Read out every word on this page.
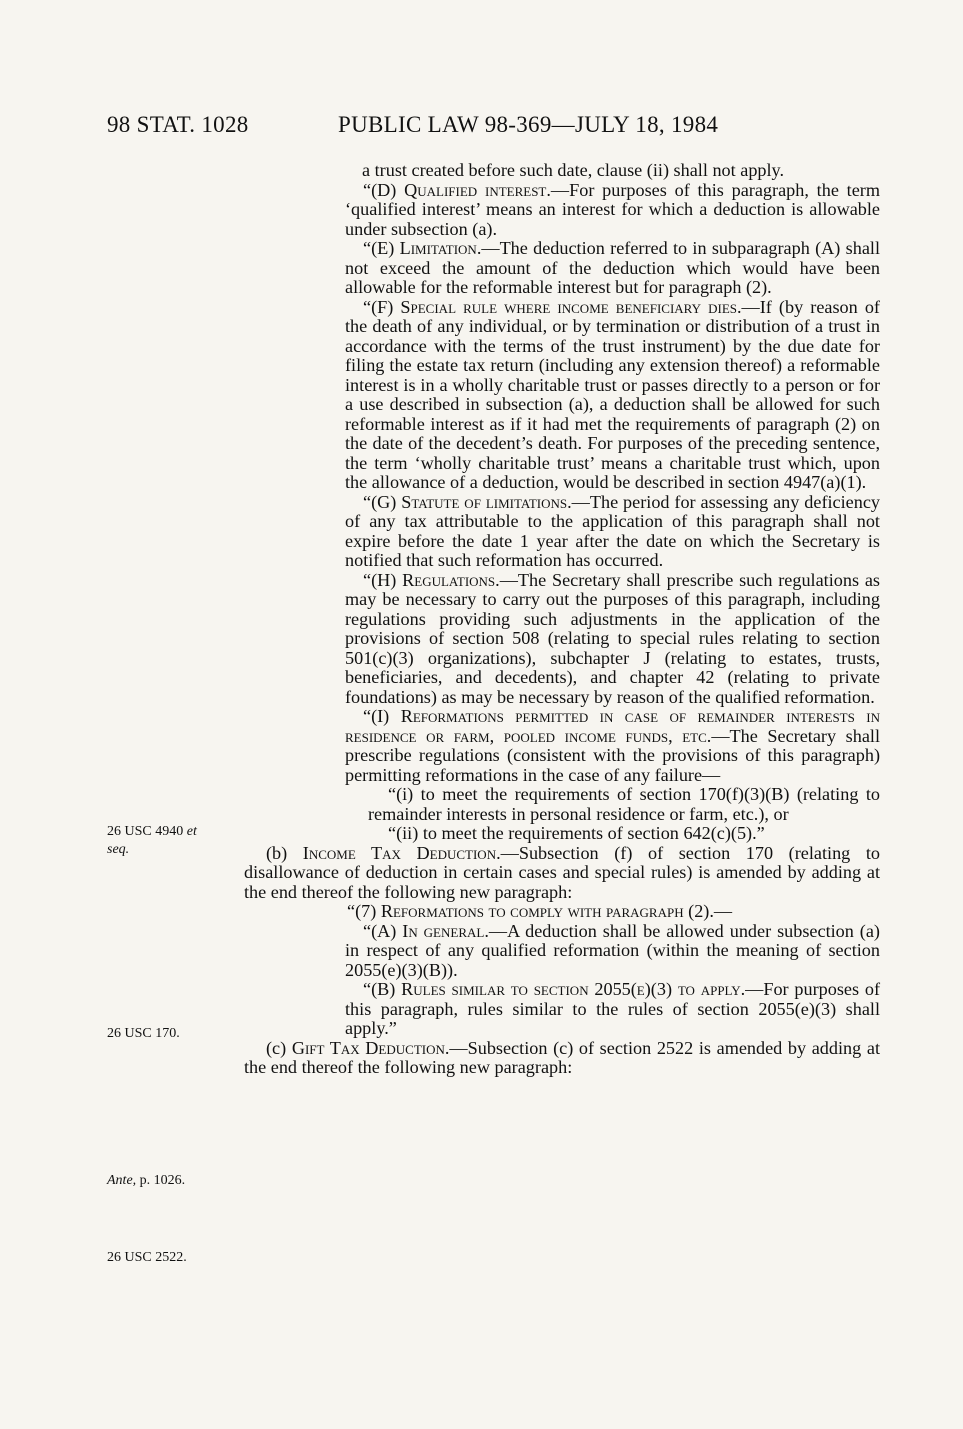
98 STAT. 1028	PUBLIC LAW 98-369—JULY 18, 1984
26 USC 4940 et
seq.
26 USC 170.
Ante, p. 1026.
26 USC 2522.

a trust created before such date, clause (ii) shall not apply.

“(D) Qualified interest.—For purposes of this paragraph, the term ‘qualified interest’ means an interest for which a deduction is allowable under subsection (a).

“(E) Limitation.—The deduction referred to in subparagraph (A) shall not exceed the amount of the deduction which would have been allowable for the reformable interest but for paragraph (2).

“(F) Special rule where income beneficiary dies.—If (by reason of the death of any individual, or by termination or distribution of a trust in accordance with the terms of the trust instrument) by the due date for filing the estate tax return (including any extension thereof) a reformable interest is in a wholly charitable trust or passes directly to a person or for a use described in subsection (a), a deduction shall be allowed for such reformable interest as if it had met the requirements of paragraph (2) on the date of the decedent’s death. For purposes of the preceding sentence, the term ‘wholly charitable trust’ means a charitable trust which, upon the allowance of a deduction, would be described in section 4947(a)(1).

“(G) Statute of limitations.—The period for assessing any deficiency of any tax attributable to the application of this paragraph shall not expire before the date 1 year after the date on which the Secretary is notified that such reformation has occurred.

“(H) Regulations.—The Secretary shall prescribe such regulations as may be necessary to carry out the purposes of this paragraph, including regulations providing such adjustments in the application of the provisions of section 508 (relating to special rules relating to section 501(c)(3) organizations), subchapter J (relating to estates, trusts, beneficiaries, and decedents), and chapter 42 (relating to private foundations) as may be necessary by reason of the qualified reformation.

“(I) Reformations permitted in case of remainder interests in residence or farm, pooled income funds, etc.—The Secretary shall prescribe regulations (consistent with the provisions of this paragraph) permitting reformations in the case of any failure—

“(i) to meet the requirements of section 170(f)(3)(B) (relating to remainder interests in personal residence or farm, etc.), or

“(ii) to meet the requirements of section 642(c)(5).”

(b) Income Tax Deduction.—Subsection (f) of section 170 (relating to disallowance of deduction in certain cases and special rules) is amended by adding at the end thereof the following new paragraph:

“(7) Reformations to comply with paragraph (2).—

“(A) In general.—A deduction shall be allowed under subsection (a) in respect of any qualified reformation (within the meaning of section 2055(e)(3)(B)).

“(B) Rules similar to section 2055(e)(3) to apply.—For purposes of this paragraph, rules similar to the rules of section 2055(e)(3) shall apply.”

(c) Gift Tax Deduction.—Subsection (c) of section 2522 is amended by adding at the end thereof the following new paragraph:
